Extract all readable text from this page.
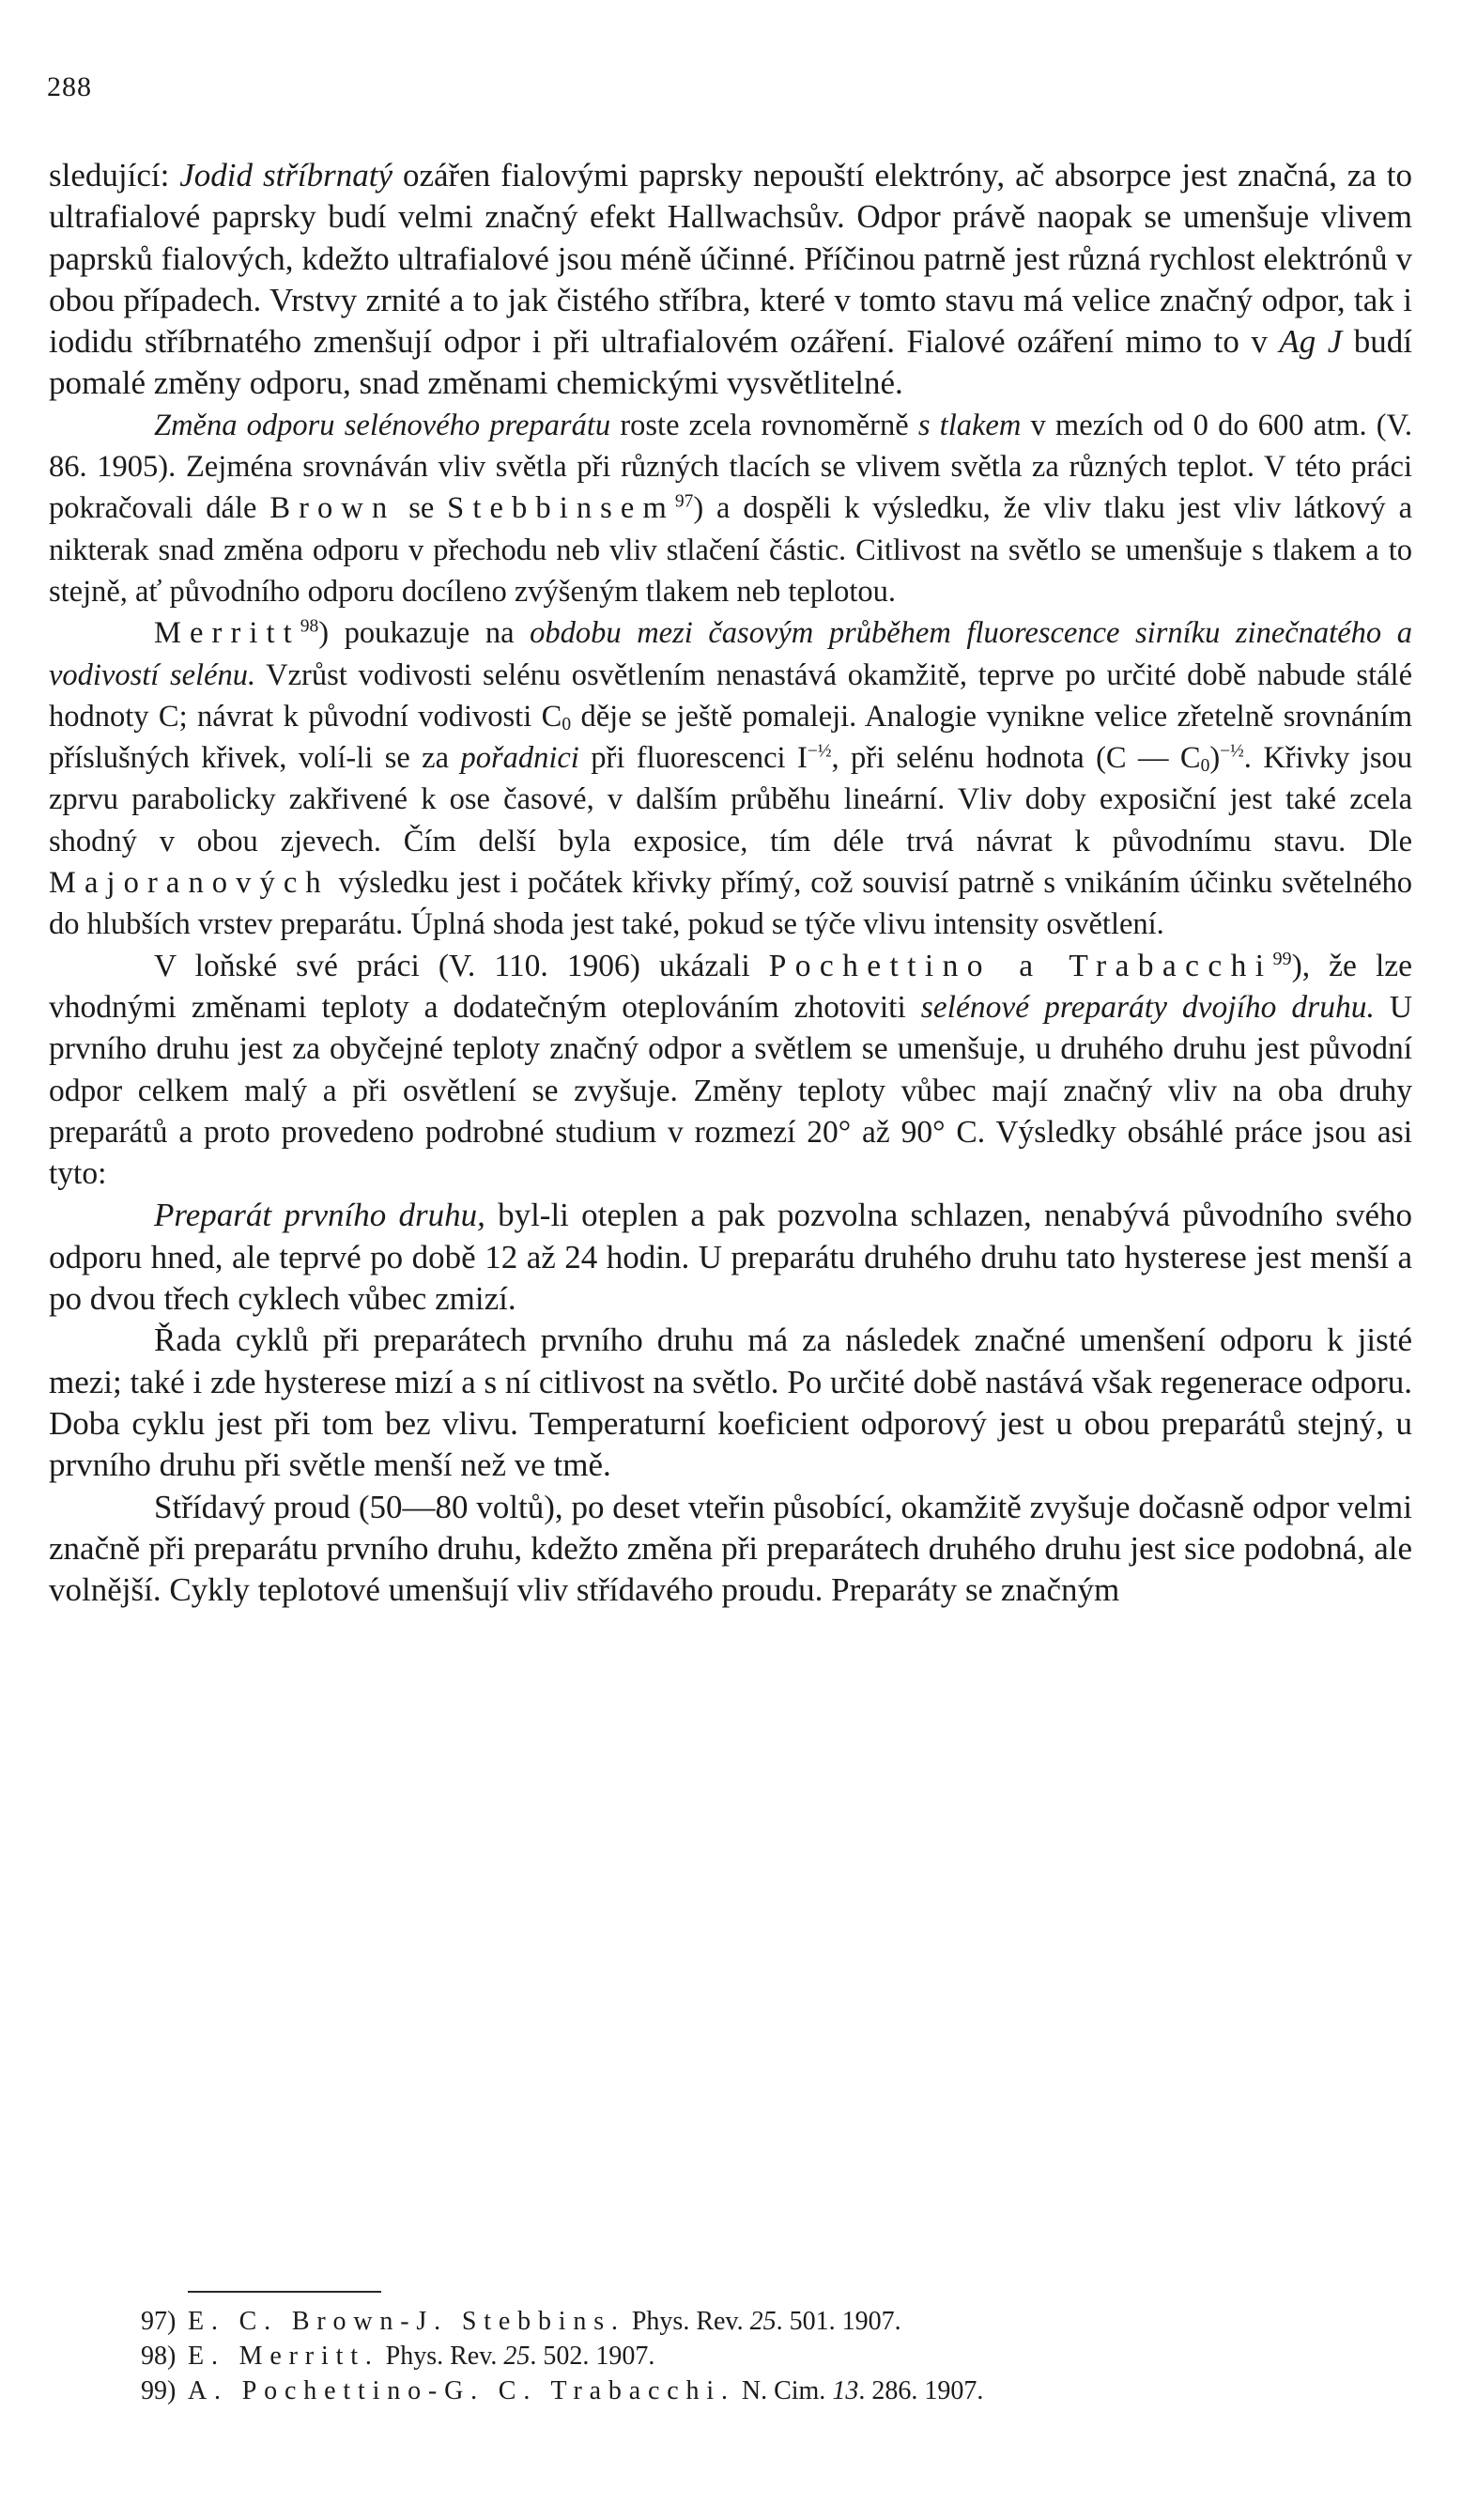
288

sledující: Jodid stříbrnatý ozářen fialovými paprsky nepouští elektróny, ač absorpce jest značná, za to ultrafialové paprsky budí velmi značný efekt Hallwachsův. Odpor právě naopak se umenšuje vlivem paprsků fialových, kdežto ultrafialové jsou méně účinné. Příčinou patrně jest různá rychlost elektrónů v obou případech. Vrstvy zrnité a to jak čistého stříbra, které v tomto stavu má velice značný odpor, tak i iodidu stříbrnatého zmenšují odpor i při ultrafialovém ozáření. Fialové ozáření mimo to v Ag J budí pomalé změny odporu, snad změnami chemickými vysvětlitelné.

Změna odporu selénového preparátu roste zcela rovnoměrně s tlakem v mezích od 0 do 600 atm. (V. 86. 1905). Zejména srovnáván vliv světla při různých tlacích se vlivem světla za různých teplot. V této práci pokračovali dále Brown se Stebbinsem$^{97}$) a dospěli k výsledku, že vliv tlaku jest vliv látkový a nikterak snad změna odporu v přechodu neb vliv stlačení částic. Citlivost na světlo se umenšuje s tlakem a to stejně, ať původního odporu docíleno zvýšeným tlakem neb teplotou.

Merritt$^{98}$) poukazuje na obdobu mezi časovým průběhem fluorescence sirníku zinečnatého a vodivostí selénu. Vzrůst vodivosti selénu osvětlením nenastává okamžitě, teprve po určité době nabude stálé hodnoty C; návrat k původní vodivosti $C_0$ děje se ještě pomaleji. Analogie vynikne velice zřetelně srovnáním příslušných křivek, volí-li se za pořadnici při fluorescenci $I^{-\frac{1}{2}}$, při selénu hodnota (C — $C_0)^{-\frac{1}{2}}$. Křivky jsou zprvu parabolicky zakřivené k ose časové, v dalším průběhu lineární. Vliv doby exposiční jest také zcela shodný v obou zjevech. Čím delší byla exposice, tím déle trvá návrat k původnímu stavu. Dle Majoranových výsledku jest i počátek křivky přímý, což souvisí patrně s vnikáním účinku světelného do hlubších vrstev preparátu. Úplná shoda jest také, pokud se týče vlivu intensity osvětlení.

V loňské své práci (V. 110. 1906) ukázali Pochettino a Trabacchi$^{99}$), že lze vhodnými změnami teploty a dodatečným oteplováním zhotoviti selénové preparáty dvojího druhu. U prvního druhu jest za obyčejné teploty značný odpor a světlem se umenšuje, u druhého druhu jest původní odpor celkem malý a při osvětlení se zvyšuje. Změny teploty vůbec mají značný vliv na oba druhy preparátů a proto provedeno podrobné studium v rozmezí 20° až 90° C. Výsledky obsáhlé práce jsou asi tyto:

Preparát prvního druhu, byl-li oteplen a pak pozvolna schlazen, nenabývá původního svého odporu hned, ale teprvé po době 12 až 24 hodin. U preparátu druhého druhu tato hysterese jest menší a po dvou třech cyklech vůbec zmizí.

Řada cyklů při preparátech prvního druhu má za následek značné umenšení odporu k jisté mezi; také i zde hysterese mizí a s ní citlivost na světlo. Po určité době nastává však regenerace odporu. Doba cyklu jest při tom bez vlivu. Temperaturní koeficient odporový jest u obou preparátů stejný, u prvního druhu při světle menší než ve tmě.

Střídavý proud (50—80 voltů), po deset vteřin působící, okamžitě zvyšuje dočasně odpor velmi značně při preparátu prvního druhu, kdežto změna při preparátech druhého druhu jest sice podobná, ale volnější. Cykly teplotové umenšují vliv střídavého proudu. Preparáty se značným

97) E. C. Brown-J. Stebbins. Phys. Rev. 25. 501. 1907.

98) E. Merritt. Phys. Rev. 25. 502. 1907.

99) A. Pochettino-G. C. Trabacchi. N. Cim. 13. 286. 1907.
